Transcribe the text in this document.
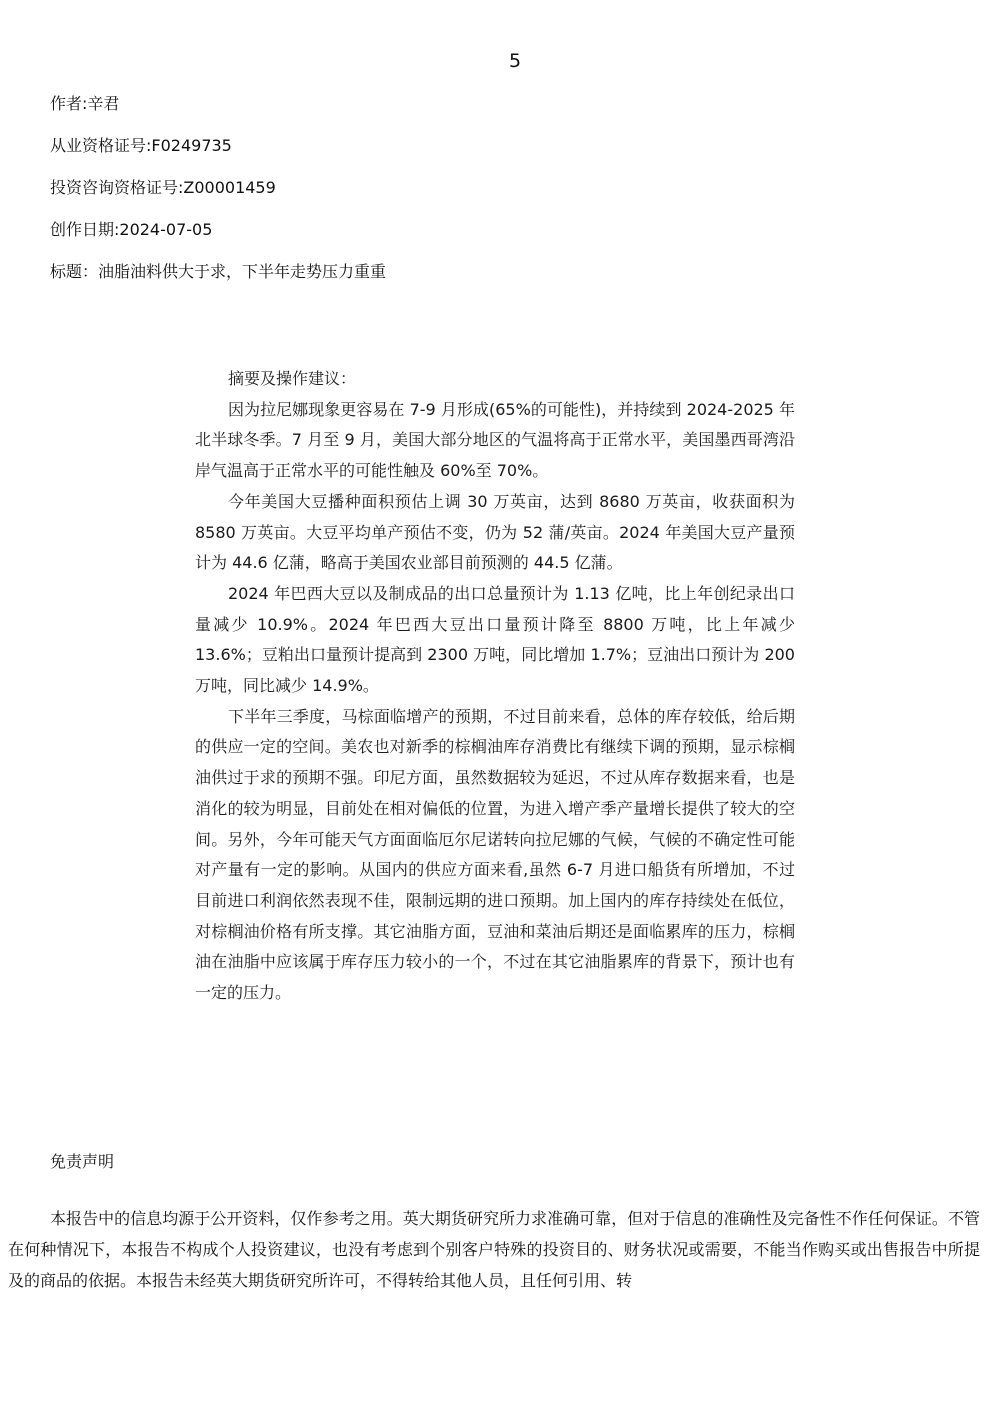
5
作者:辛君
从业资格证号:F0249735
投资咨询资格证号:Z00001459
创作日期:2024-07-05
标题：油脂油料供大于求，下半年走势压力重重

摘要及操作建议：

因为拉尼娜现象更容易在 7-9 月形成(65%的可能性)，并持续到 2024-2025 年北半球冬季。7 月至 9 月，美国大部分地区的气温将高于正常水平，美国墨西哥湾沿岸气温高于正常水平的可能性触及 60%至 70%。

今年美国大豆播种面积预估上调 30 万英亩，达到 8680 万英亩，收获面积为 8580 万英亩。大豆平均单产预估不变，仍为 52 蒲/英亩。2024 年美国大豆产量预计为 44.6 亿蒲，略高于美国农业部目前预测的 44.5 亿蒲。

2024 年巴西大豆以及制成品的出口总量预计为 1.13 亿吨，比上年创纪录出口量减少 10.9%。2024 年巴西大豆出口量预计降至 8800 万吨，比上年减少 13.6%；豆粕出口量预计提高到 2300 万吨，同比增加 1.7%；豆油出口预计为 200 万吨，同比减少 14.9%。

下半年三季度，马棕面临增产的预期，不过目前来看，总体的库存较低，给后期的供应一定的空间。美农也对新季的棕榈油库存消费比有继续下调的预期，显示棕榈油供过于求的预期不强。印尼方面，虽然数据较为延迟，不过从库存数据来看，也是消化的较为明显，目前处在相对偏低的位置，为进入增产季产量增长提供了较大的空间。另外，今年可能天气方面面临厄尔尼诺转向拉尼娜的气候，气候的不确定性可能对产量有一定的影响。从国内的供应方面来看,虽然 6-7 月进口船货有所增加，不过目前进口利润依然表现不佳，限制远期的进口预期。加上国内的库存持续处在低位，对棕榈油价格有所支撑。其它油脂方面，豆油和菜油后期还是面临累库的压力，棕榈油在油脂中应该属于库存压力较小的一个，不过在其它油脂累库的背景下，预计也有一定的压力。

免责声明

本报告中的信息均源于公开资料，仅作参考之用。英大期货研究所力求准确可靠，但对于信息的准确性及完备性不作任何保证。不管在何种情况下，本报告不构成个人投资建议，也没有考虑到个别客户特殊的投资目的、财务状况或需要，不能当作购买或出售报告中所提及的商品的依据。本报告未经英大期货研究所许可，不得转给其他人员，且任何引用、转
